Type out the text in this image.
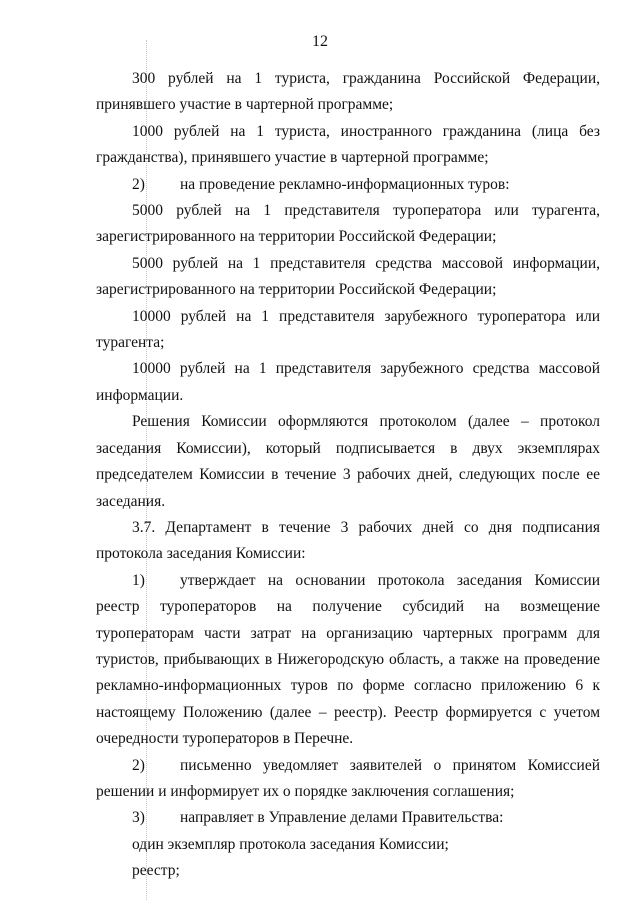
12

300 рублей на 1 туриста, гражданина Российской Федерации, принявшего участие в чартерной программе;

1000 рублей на 1 туриста, иностранного гражданина (лица без гражданства), принявшего участие в чартерной программе;

2) на проведение рекламно-информационных туров:

5000 рублей на 1 представителя туроператора или турагента, зарегистрированного на территории Российской Федерации;

5000 рублей на 1 представителя средства массовой информации, зарегистрированного на территории Российской Федерации;

10000 рублей на 1 представителя зарубежного туроператора или турагента;

10000 рублей на 1 представителя зарубежного средства массовой информации.

Решения Комиссии оформляются протоколом (далее – протокол заседания Комиссии), который подписывается в двух экземплярах председателем Комиссии в течение 3 рабочих дней, следующих после ее заседания.

3.7. Департамент в течение 3 рабочих дней со дня подписания протокола заседания Комиссии:

1) утверждает на основании протокола заседания Комиссии реестр туроператоров на получение субсидий на возмещение туроператорам части затрат на организацию чартерных программ для туристов, прибывающих в Нижегородскую область, а также на проведение рекламно-информационных туров по форме согласно приложению 6 к настоящему Положению (далее – реестр). Реестр формируется с учетом очередности туроператоров в Перечне.

2) письменно уведомляет заявителей о принятом Комиссией решении и информирует их о порядке заключения соглашения;

3) направляет в Управление делами Правительства:

один экземпляр протокола заседания Комиссии;

реестр;
